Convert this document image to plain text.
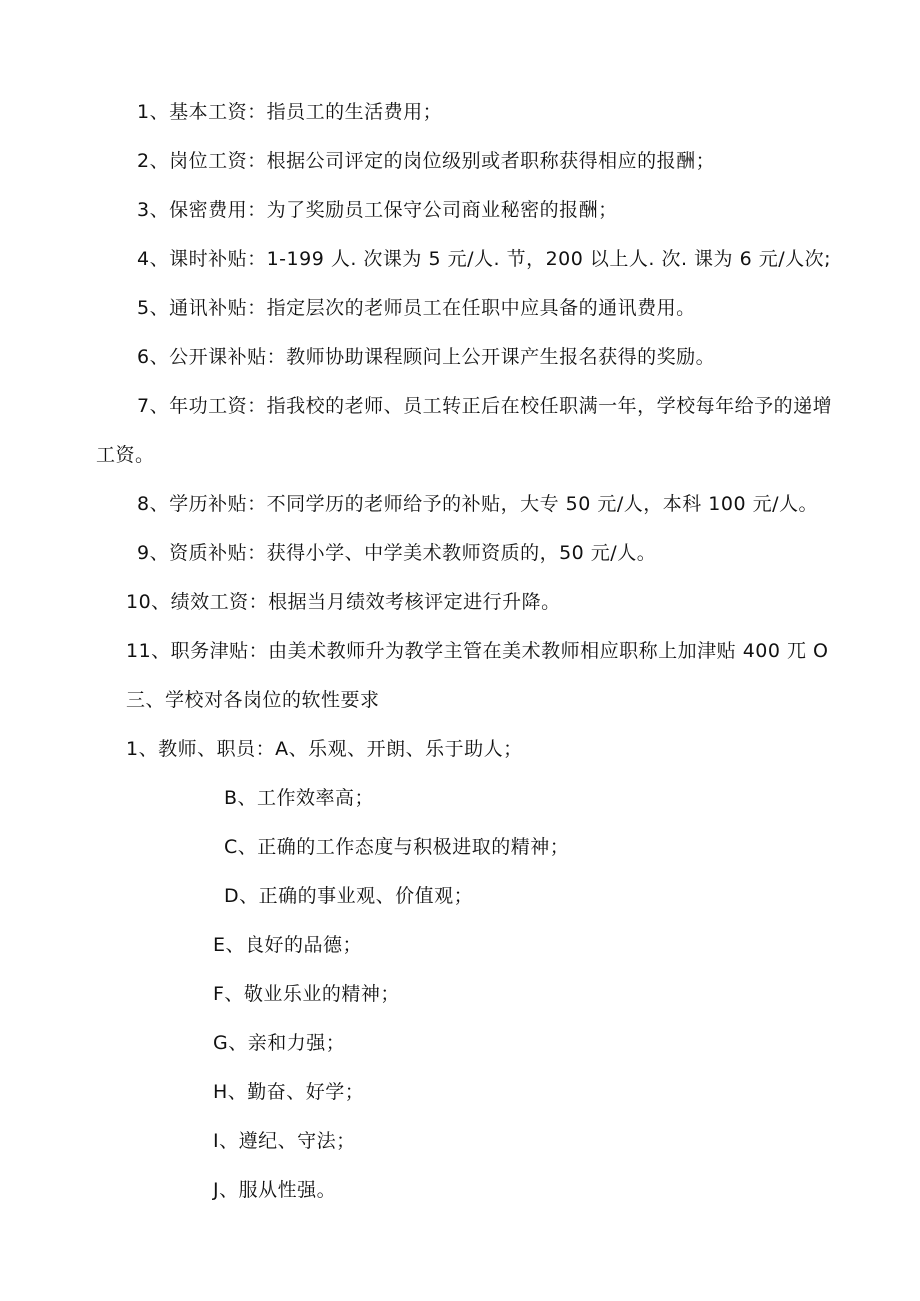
1、基本工资：指员工的生活费用；
2、岗位工资：根据公司评定的岗位级别或者职称获得相应的报酬；
3、保密费用：为了奖励员工保守公司商业秘密的报酬；
4、课时补贴：1-199 人. 次课为 5 元/人. 节，200 以上人. 次. 课为 6 元/人次;
5、通讯补贴：指定层次的老师员工在任职中应具备的通讯费用。
6、公开课补贴：教师协助课程顾问上公开课产生报名获得的奖励。
7、年功工资：指我校的老师、员工转正后在校任职满一年，学校每年给予的递增
工资。
8、学历补贴：不同学历的老师给予的补贴，大专 50 元/人，本科 100 元/人。
9、资质补贴：获得小学、中学美术教师资质的，50 元/人。
10、绩效工资：根据当月绩效考核评定进行升降。
11、职务津贴：由美术教师升为教学主管在美术教师相应职称上加津贴 400 兀 O
三、学校对各岗位的软性要求
1、教师、职员：A、乐观、开朗、乐于助人；
B、工作效率高；
C、正确的工作态度与积极进取的精神；
D、正确的事业观、价值观；
E、良好的品德；
F、敬业乐业的精神；
G、亲和力强；
H、勤奋、好学；
I、遵纪、守法；
J、服从性强。
